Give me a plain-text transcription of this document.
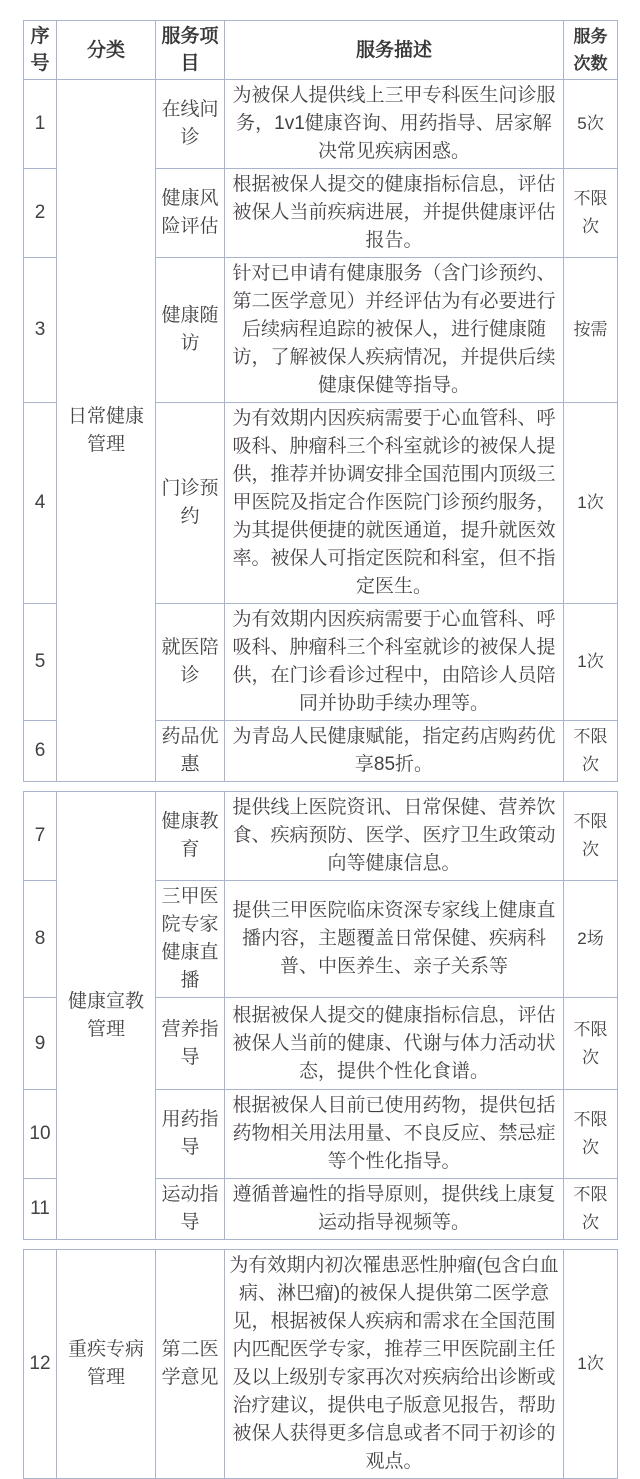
序号	分类	服务项目	服务描述	服务次数
1	日常健康管理	在线问诊	为被保人提供线上三甲专科医生问诊服务，1v1健康咨询、用药指导、居家解决常见疾病困惑。	5次
2		健康风险评估	根据被保人提交的健康指标信息，评估被保人当前疾病进展，并提供健康评估报告。	不限次
3		健康随访	针对已申请有健康服务（含门诊预约、第二医学意见）并经评估为有必要进行后续病程追踪的被保人，进行健康随访，了解被保人疾病情况，并提供后续健康保健等指导。	按需
4		门诊预约	为有效期内因疾病需要于心血管科、呼吸科、肿瘤科三个科室就诊的被保人提供，推荐并协调安排全国范围内顶级三甲医院及指定合作医院门诊预约服务，为其提供便捷的就医通道，提升就医效率。被保人可指定医院和科室，但不指定医生。	1次
5		就医陪诊	为有效期内因疾病需要于心血管科、呼吸科、肿瘤科三个科室就诊的被保人提供，在门诊看诊过程中，由陪诊人员陪同并协助手续办理等。	1次
6		药品优惠	为青岛人民健康赋能，指定药店购药优享85折。	不限次
7	健康宣教管理	健康教育	提供线上医院资讯、日常保健、营养饮食、疾病预防、医学、医疗卫生政策动向等健康信息。	不限次
8		三甲医院专家健康直播	提供三甲医院临床资深专家线上健康直播内容，主题覆盖日常保健、疾病科普、中医养生、亲子关系等	2场
9		营养指导	根据被保人提交的健康指标信息，评估被保人当前的健康、代谢与体力活动状态，提供个性化食谱。	不限次
10		用药指导	根据被保人目前已使用药物，提供包括药物相关用法用量、不良反应、禁忌症等个性化指导。	不限次
11		运动指导	遵循普遍性的指导原则，提供线上康复运动指导视频等。	不限次
12	重疾专病管理	第二医学意见	为有效期内初次罹患恶性肿瘤(包含白血病、淋巴瘤)的被保人提供第二医学意见，根据被保人疾病和需求在全国范围内匹配医学专家，推荐三甲医院副主任及以上级别专家再次对疾病给出诊断或治疗建议，提供电子版意见报告，帮助被保人获得更多信息或者不同于初诊的观点。	1次
